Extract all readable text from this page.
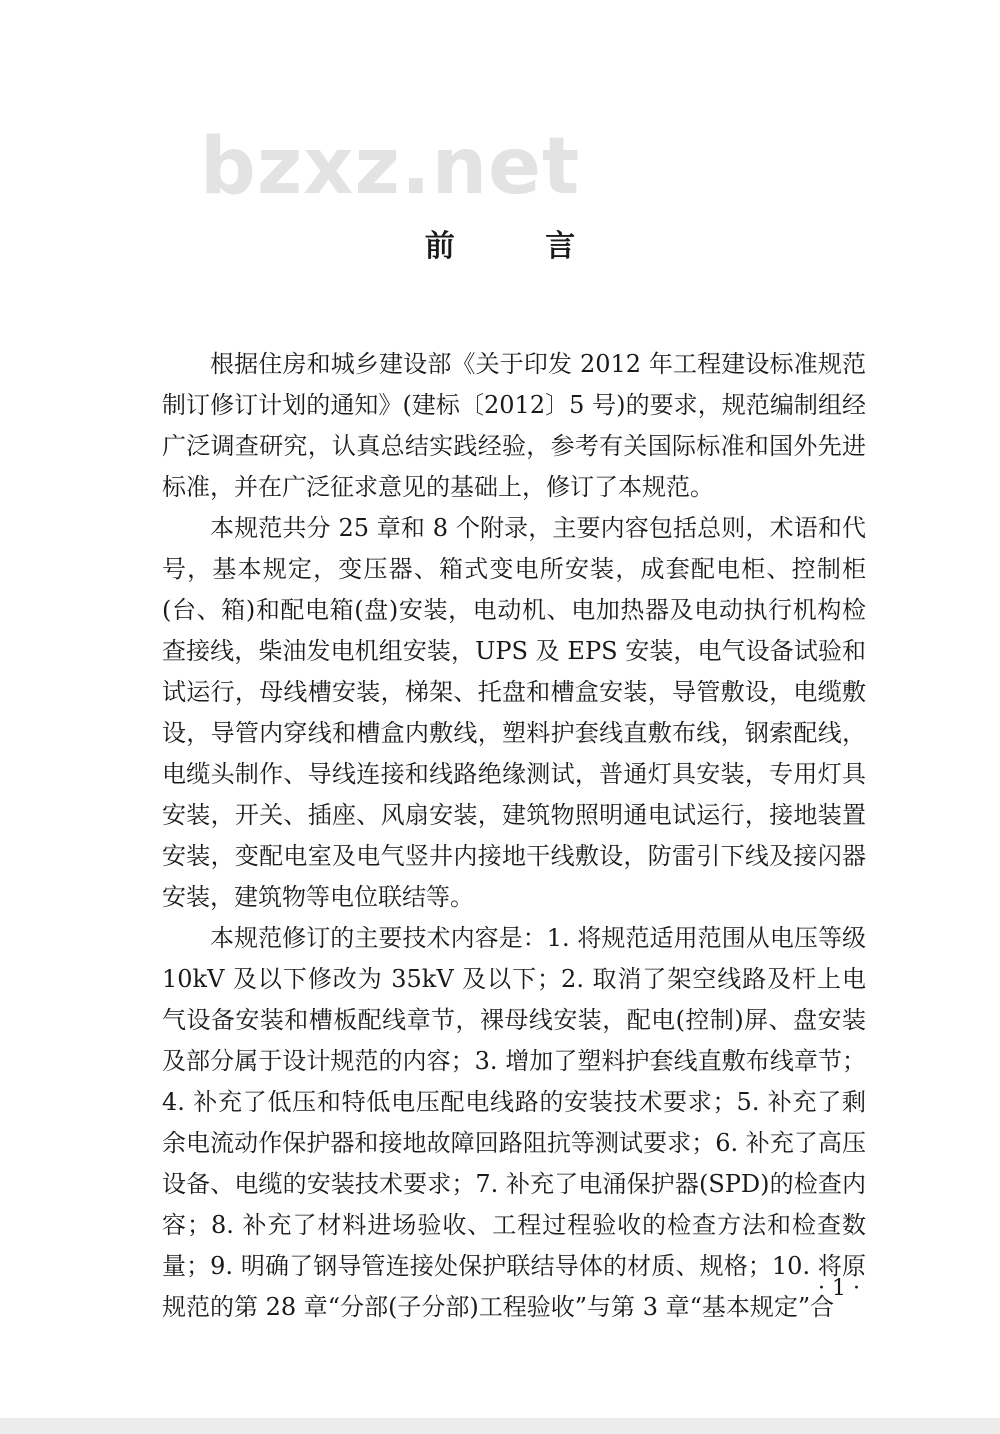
bzxz.net
前 言

根据住房和城乡建设部《关于印发 2012 年工程建设标准规范制订修订计划的通知》(建标〔2012〕5 号)的要求，规范编制组经广泛调查研究，认真总结实践经验，参考有关国际标准和国外先进标准，并在广泛征求意见的基础上，修订了本规范。

本规范共分 25 章和 8 个附录，主要内容包括总则，术语和代号，基本规定，变压器、箱式变电所安装，成套配电柜、控制柜(台、箱)和配电箱(盘)安装，电动机、电加热器及电动执行机构检查接线，柴油发电机组安装，UPS 及 EPS 安装，电气设备试验和试运行，母线槽安装，梯架、托盘和槽盒安装，导管敷设，电缆敷设，导管内穿线和槽盒内敷线，塑料护套线直敷布线，钢索配线，电缆头制作、导线连接和线路绝缘测试，普通灯具安装，专用灯具安装，开关、插座、风扇安装，建筑物照明通电试运行，接地装置安装，变配电室及电气竖井内接地干线敷设，防雷引下线及接闪器安装，建筑物等电位联结等。

本规范修订的主要技术内容是：1. 将规范适用范围从电压等级 10kV 及以下修改为 35kV 及以下；2. 取消了架空线路及杆上电气设备安装和槽板配线章节，裸母线安装，配电(控制)屏、盘安装及部分属于设计规范的内容；3. 增加了塑料护套线直敷布线章节；4. 补充了低压和特低电压配电线路的安装技术要求；5. 补充了剩余电流动作保护器和接地故障回路阻抗等测试要求；6. 补充了高压设备、电缆的安装技术要求；7. 补充了电涌保护器(SPD)的检查内容；8. 补充了材料进场验收、工程过程验收的检查方法和检查数量；9. 明确了钢导管连接处保护联结导体的材质、规格；10. 将原规范的第 28 章“分部(子分部)工程验收”与第 3 章“基本规定”合

· 1 ·
